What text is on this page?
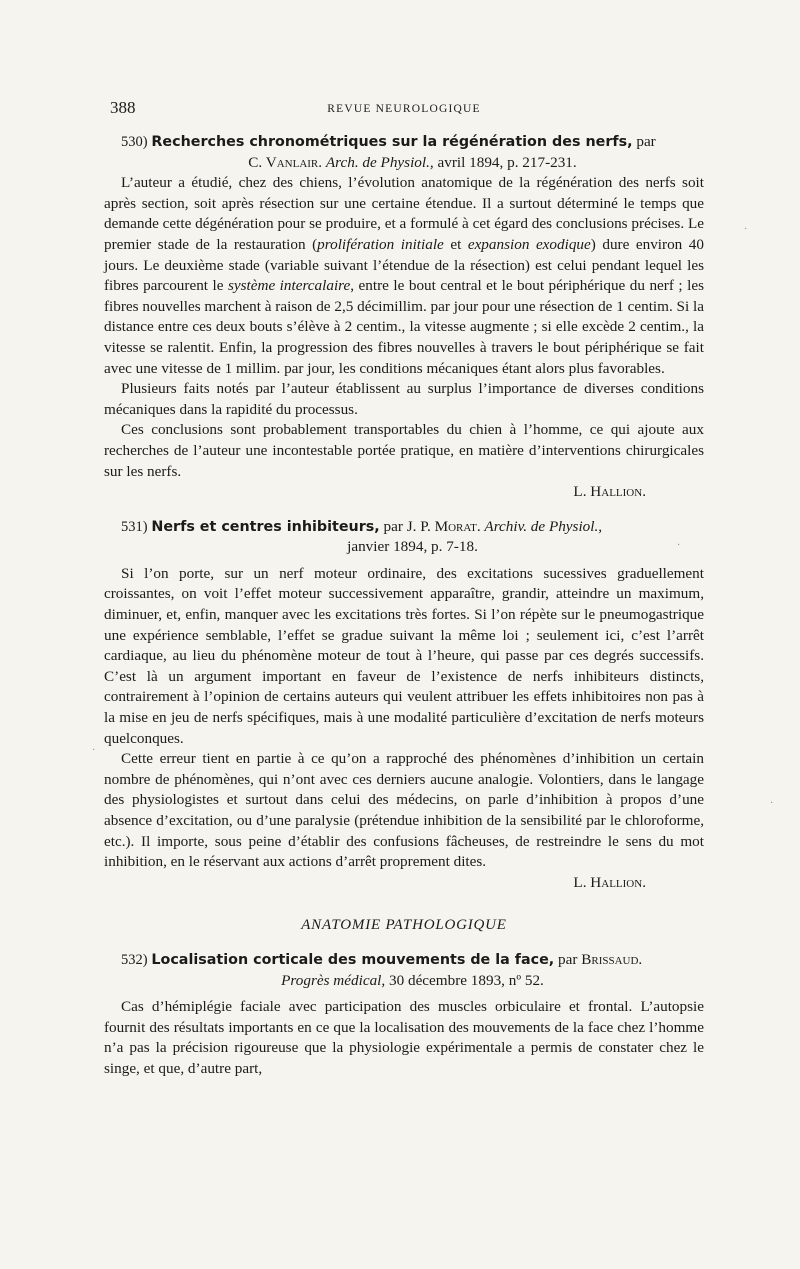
388	REVUE NEUROLOGIQUE

530) Recherches chronométriques sur la régénération des nerfs, par

C. Vanlair. Arch. de Physiol., avril 1894, p. 217-231.

L’auteur a étudié, chez des chiens, l’évolution anatomique de la régénération des nerfs soit après section, soit après résection sur une certaine étendue. Il a surtout déterminé le temps que demande cette dégénération pour se produire, et a formulé à cet égard des conclusions précises. Le premier stade de la restauration (prolifération initiale et expansion exodique) dure environ 40 jours. Le deuxième stade (variable suivant l’étendue de la résection) est celui pendant lequel les fibres parcourent le système intercalaire, entre le bout central et le bout périphérique du nerf ; les fibres nouvelles marchent à raison de 2,5 décimillim. par jour pour une résection de 1 centim. Si la distance entre ces deux bouts s’élève à 2 centim., la vitesse augmente ; si elle excède 2 centim., la vitesse se ralentit. Enfin, la progression des fibres nouvelles à travers le bout périphérique se fait avec une vitesse de 1 millim. par jour, les conditions mécaniques étant alors plus favorables.

Plusieurs faits notés par l’auteur établissent au surplus l’importance de diverses conditions mécaniques dans la rapidité du processus.

Ces conclusions sont probablement transportables du chien à l’homme, ce qui ajoute aux recherches de l’auteur une incontestable portée pratique, en matière d’interventions chirurgicales sur les nerfs.

L. Hallion.

531) Nerfs et centres inhibiteurs, par J. P. Morat. Archiv. de Physiol.,

janvier 1894, p. 7-18.

Si l’on porte, sur un nerf moteur ordinaire, des excitations sucessives graduellement croissantes, on voit l’effet moteur successivement apparaître, grandir, atteindre un maximum, diminuer, et, enfin, manquer avec les excitations très fortes. Si l’on répète sur le pneumogastrique une expérience semblable, l’effet se gradue suivant la même loi ; seulement ici, c’est l’arrêt cardiaque, au lieu du phénomène moteur de tout à l’heure, qui passe par ces degrés successifs. C’est là un argument important en faveur de l’existence de nerfs inhibiteurs distincts, contrairement à l’opinion de certains auteurs qui veulent attribuer les effets inhibitoires non pas à la mise en jeu de nerfs spécifiques, mais à une modalité particulière d’excitation de nerfs moteurs quelconques.

Cette erreur tient en partie à ce qu’on a rapproché des phénomènes d’inhibition un certain nombre de phénomènes, qui n’ont avec ces derniers aucune analogie. Volontiers, dans le langage des physiologistes et surtout dans celui des médecins, on parle d’inhibition à propos d’une absence d’excitation, ou d’une paralysie (prétendue inhibition de la sensibilité par le chloroforme, etc.). Il importe, sous peine d’établir des confusions fâcheuses, de restreindre le sens du mot inhibition, en le réservant aux actions d’arrêt proprement dites.

L. Hallion.

ANATOMIE PATHOLOGIQUE

532) Localisation corticale des mouvements de la face, par Brissaud.

Progrès médical, 30 décembre 1893, nº 52.

Cas d’hémiplégie faciale avec participation des muscles orbiculaire et frontal. L’autopsie fournit des résultats importants en ce que la localisation des mouvements de la face chez l’homme n’a pas la précision rigoureuse que la physiologie expérimentale a permis de constater chez le singe, et que, d’autre part,

·
·
·
·
